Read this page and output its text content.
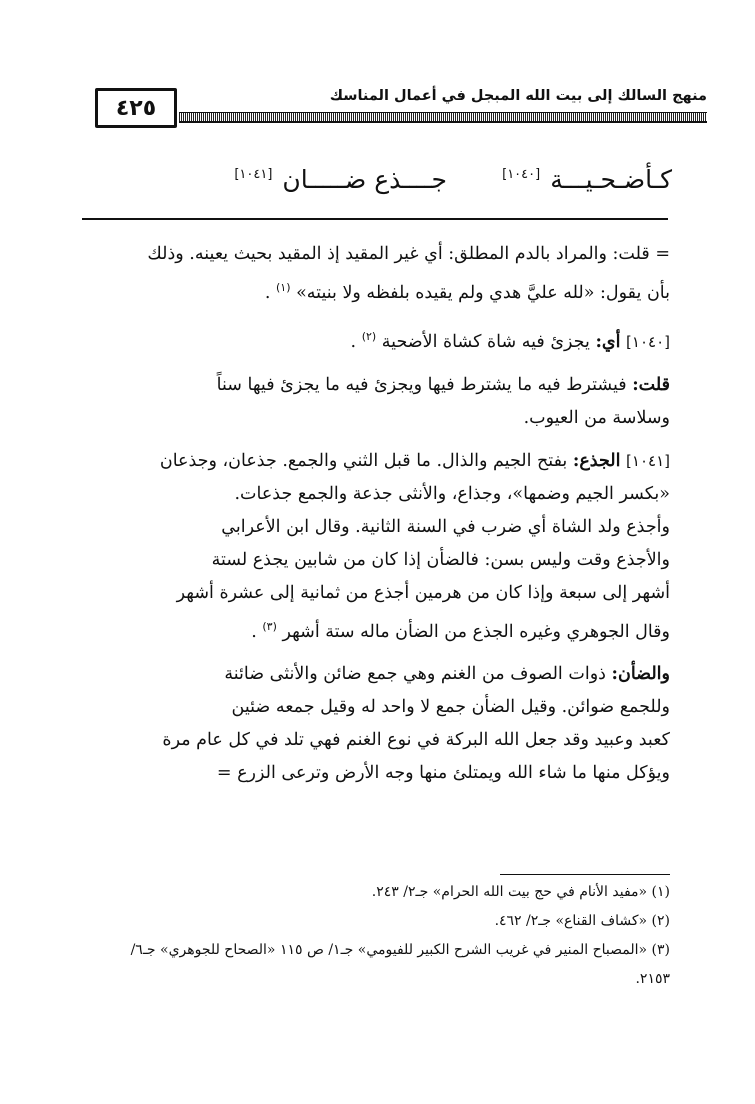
٤٢٥	منهج السالك إلى بيت الله المبجل في أعمال المناسك
كـأضـحـيـــة
[١٠٤٠]
جــــذع ضـــــان
[١٠٤١]
= قلت: والمراد بالدم المطلق: أي غير المقيد إذ المقيد بحيث يعينه. وذلك
بأن يقول: «لله عليَّ هدي ولم يقيده بلفظه ولا بنيته» $^{(١)}$ .
[١٠٤٠] أي: يجزئ فيه شاة كشاة الأضحية $^{(٢)}$ .
قلت: فيشترط فيه ما يشترط فيها ويجزئ فيه ما يجزئ فيها سناً
وسلاسة من العيوب.
[١٠٤١] الجذع: بفتح الجيم والذال. ما قبل الثني والجمع. جذعان، وجذعان
«بكسر الجيم وضمها»، وجذاع، والأنثى جذعة والجمع جذعات.
وأجذع ولد الشاة أي ضرب في السنة الثانية. وقال ابن الأعرابي
والأجذع وقت وليس بسن: فالضأن إذا كان من شابين يجذع لستة
أشهر إلى سبعة وإذا كان من هرمين أجذع من ثمانية إلى عشرة أشهر
وقال الجوهري وغيره الجذع من الضأن ماله ستة أشهر $^{(٣)}$ .
والضأن: ذوات الصوف من الغنم وهي جمع ضائن والأنثى ضائنة
وللجمع ضوائن. وقيل الضأن جمع لا واحد له وقيل جمعه ضئين
كعبد وعبيد وقد جعل الله البركة في نوع الغنم فهي تلد في كل عام مرة
ويؤكل منها ما شاء الله ويمتلئ منها وجه الأرض وترعى الزرع =
(١) «مفيد الأنام في حج بيت الله الحرام» جـ٢/ ٢٤٣.
(٢) «كشاف القناع» جـ٢/ ٤٦٢.
(٣) «المصباح المنير في غريب الشرح الكبير للفيومي» جـ١/ ص ١١٥ «الصحاح للجوهري» جـ٦/
٢١٥٣.
